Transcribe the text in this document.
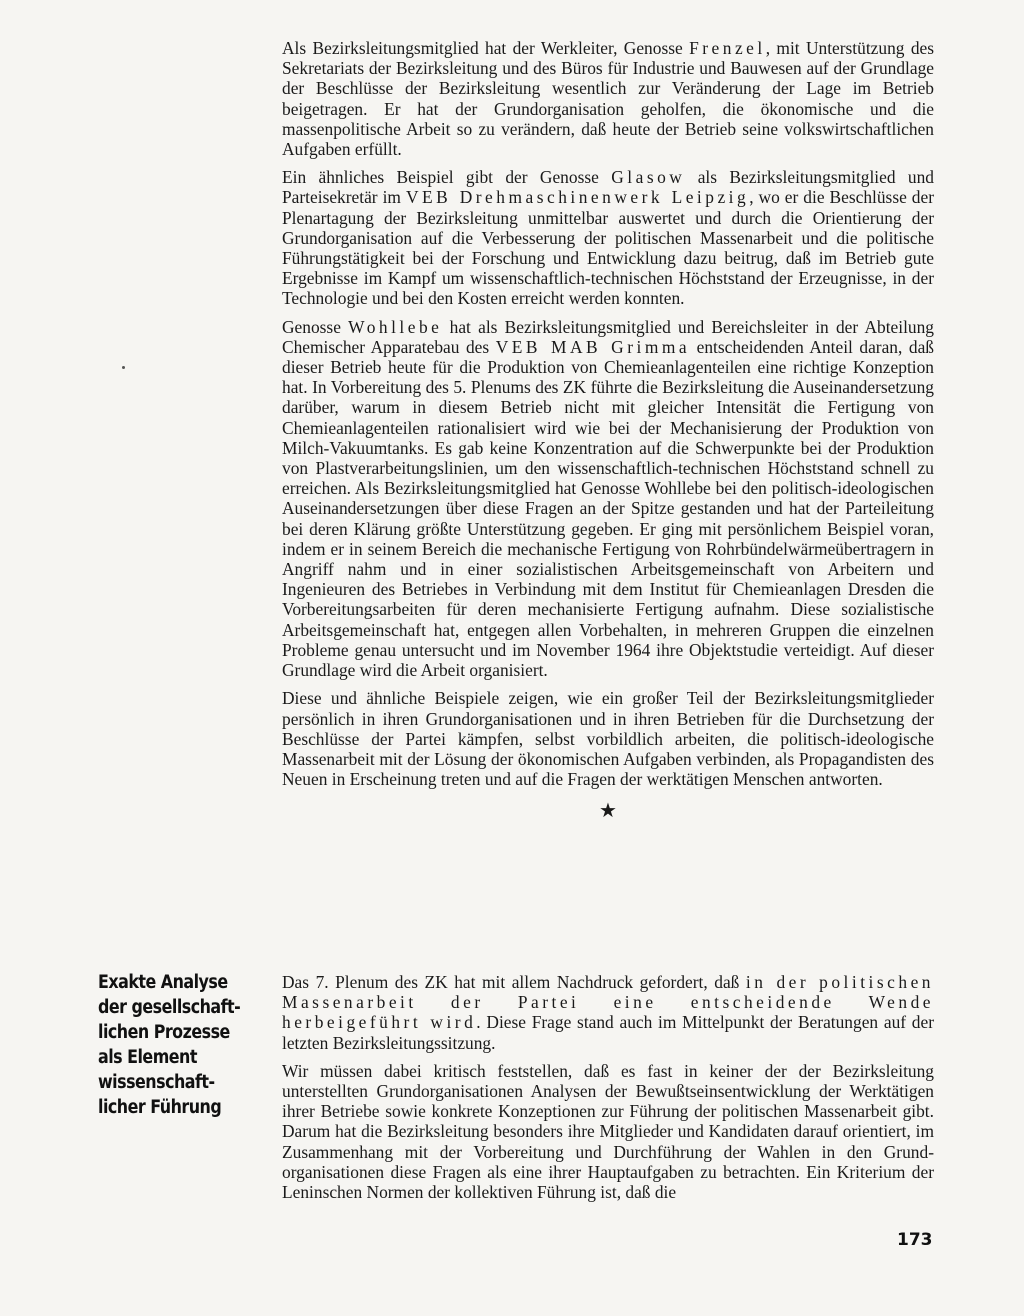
Als Bezirksleitungsmitglied hat der Werkleiter, Genosse Frenzel, mit Unterstützung des Sekretariats der Bezirksleitung und des Büros für Industrie und Bauwesen auf der Grundlage der Beschlüsse der Bezirksleitung wesentlich zur Veränderung der Lage im Betrieb beigetragen. Er hat der Grundorganisation geholfen, die ökonomische und die massenpolitische Arbeit so zu verändern, daß heute der Betrieb seine volkswirtschaftlichen Aufgaben erfüllt.

Ein ähnliches Beispiel gibt der Genosse Glasow als Bezirksleitungsmitglied und Parteisekretär im VEB Drehmaschinenwerk Leipzig, wo er die Beschlüsse der Plenartagung der Bezirksleitung unmittelbar auswertet und durch die Orientierung der Grundorganisation auf die Verbesserung der politischen Massenarbeit und die politische Führungstätigkeit bei der Forschung und Entwicklung dazu beitrug, daß im Betrieb gute Ergebnisse im Kampf um wissenschaftlich-technischen Höchststand der Erzeugnisse, in der Technologie und bei den Kosten erreicht werden konnten.

Genosse Wohllebe hat als Bezirksleitungsmitglied und Bereichsleiter in der Abteilung Chemischer Apparatebau des VEB MAB Grimma entscheidenden Anteil daran, daß dieser Betrieb heute für die Produktion von Chemieanlagenteilen eine richtige Konzeption hat. In Vorbereitung des 5. Plenums des ZK führte die Bezirksleitung die Auseinandersetzung darüber, warum in diesem Betrieb nicht mit gleicher Intensität die Fertigung von Chemieanlagenteilen rationalisiert wird wie bei der Mechanisierung der Produktion von Milch-Vakuumtanks. Es gab keine Konzentration auf die Schwerpunkte bei der Produktion von Plastverarbeitungslinien, um den wissenschaftlich-technischen Höchststand schnell zu erreichen. Als Bezirksleitungsmitglied hat Genosse Wohllebe bei den politisch-ideologischen Auseinandersetzungen über diese Fragen an der Spitze gestanden und hat der Parteileitung bei deren Klärung größte Unterstützung gegeben. Er ging mit persönlichem Beispiel voran, indem er in seinem Bereich die mechanische Fertigung von Rohrbündelwärmeübertragern in Angriff nahm und in einer sozialistischen Arbeitsgemeinschaft von Arbeitern und Ingenieuren des Betriebes in Verbindung mit dem Institut für Chemieanlagen Dresden die Vorbereitungsarbeiten für deren mechanisierte Fertigung aufnahm. Diese sozialistische Arbeitsgemeinschaft hat, entgegen allen Vorbehalten, in mehreren Gruppen die einzelnen Probleme genau untersucht und im November 1964 ihre Objektstudie verteidigt. Auf dieser Grundlage wird die Arbeit organisiert.

Diese und ähnliche Beispiele zeigen, wie ein großer Teil der Bezirksleitungsmitglieder persönlich in ihren Grundorganisationen und in ihren Betrieben für die Durchsetzung der Beschlüsse der Partei kämpfen, selbst vorbildlich arbeiten, die politisch-ideologische Massenarbeit mit der Lösung der ökonomischen Aufgaben verbinden, als Propagandisten des Neuen in Erscheinung treten und auf die Fragen der werktätigen Menschen antworten.

★
Exakte Analyse
der gesellschaft-
lichen Prozesse
als Element
wissenschaft-
licher Führung

Das 7. Plenum des ZK hat mit allem Nachdruck gefordert, daß in der politischen Massenarbeit der Partei eine entscheidende Wende herbeigeführt wird. Diese Frage stand auch im Mittelpunkt der Beratungen auf der letzten Bezirksleitungssitzung.

Wir müssen dabei kritisch feststellen, daß es fast in keiner der der Bezirksleitung unterstellten Grundorganisationen Analysen der Bewußtseinsentwicklung der Werktätigen ihrer Betriebe sowie konkrete Konzeptionen zur Führung der politischen Massenarbeit gibt. Darum hat die Bezirksleitung besonders ihre Mitglieder und Kandidaten darauf orientiert, im Zusammenhang mit der Vorbereitung und Durchführung der Wahlen in den Grundorganisationen diese Fragen als eine ihrer Hauptaufgaben zu betrachten. Ein Kriterium der Leninschen Normen der kollektiven Führung ist, daß die

173
